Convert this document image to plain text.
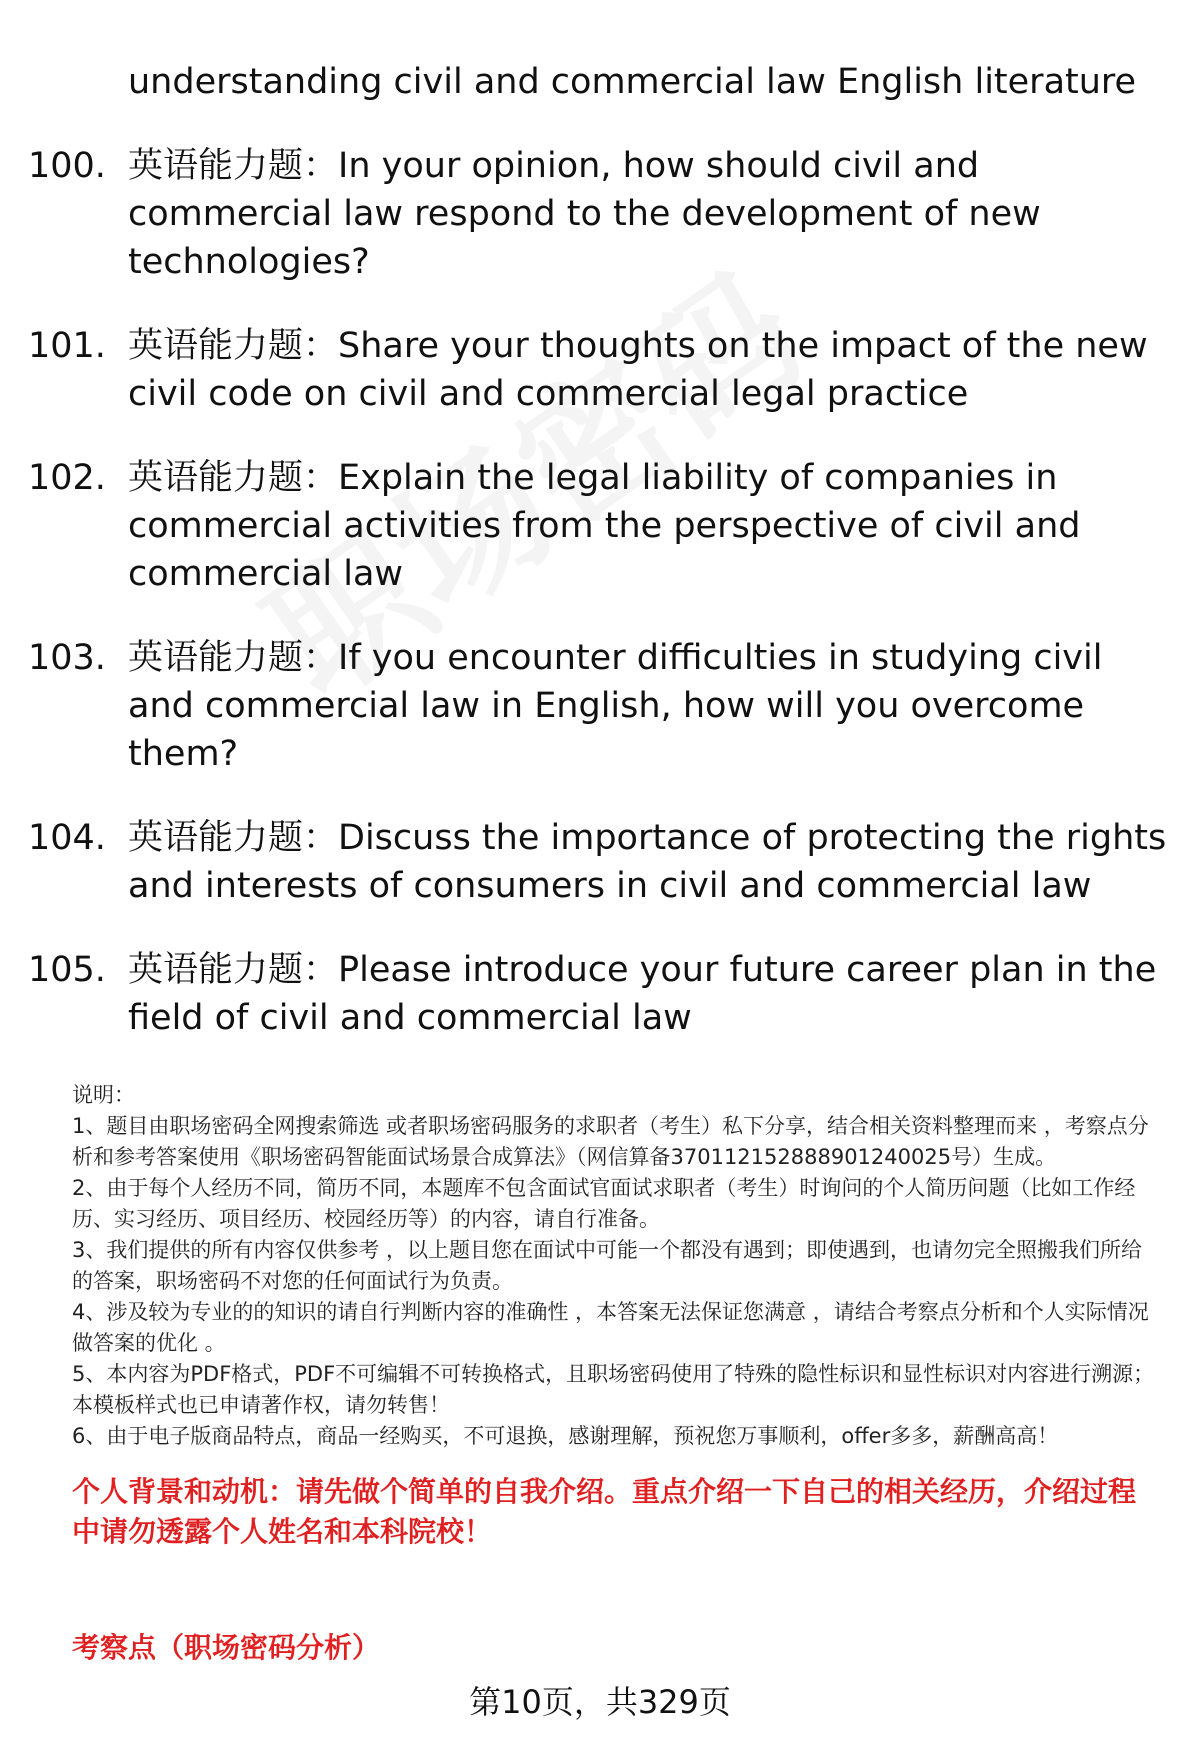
understanding civil and commercial law English literature

100. 英语能力题：In your opinion, how should civil and commercial law respond to the development of new technologies?
101. 英语能力题：Share your thoughts on the impact of the new civil code on civil and commercial legal practice
102. 英语能力题：Explain the legal liability of companies in commercial activities from the perspective of civil and commercial law
103. 英语能力题：If you encounter difficulties in studying civil and commercial law in English, how will you overcome them?
104. 英语能力题：Discuss the importance of protecting the rights and interests of consumers in civil and commercial law
105. 英语能力题：Please introduce your future career plan in the field of civil and commercial law

说明：

1、题目由职场密码全网搜索筛选 或者职场密码服务的求职者（考生）私下分享，结合相关资料整理而来 ，考察点分析和参考答案使用《职场密码智能面试场景合成算法》（网信算备370112152888901240025号）生成。

2、由于每个人经历不同，简历不同，本题库不包含面试官面试求职者（考生）时询问的个人简历问题（比如工作经历、实习经历、项目经历、校园经历等）的内容，请自行准备。

3、我们提供的所有内容仅供参考 ，以上题目您在面试中可能一个都没有遇到；即使遇到，也请勿完全照搬我们所给的答案，职场密码不对您的任何面试行为负责。

4、涉及较为专业的的知识的请自行判断内容的准确性 ，本答案无法保证您满意 ，请结合考察点分析和个人实际情况做答案的优化 。

5、本内容为PDF格式，PDF不可编辑不可转换格式，且职场密码使用了特殊的隐性标识和显性标识对内容进行溯源；本模板样式也已申请著作权，请勿转售！

6、由于电子版商品特点，商品一经购买，不可退换，感谢理解，预祝您万事顺利，offer多多，薪酬高高！

个人背景和动机：请先做个简单的自我介绍。重点介绍一下自己的相关经历，介绍过程中请勿透露个人姓名和本科院校！

考察点（职场密码分析）

第10页，共329页
